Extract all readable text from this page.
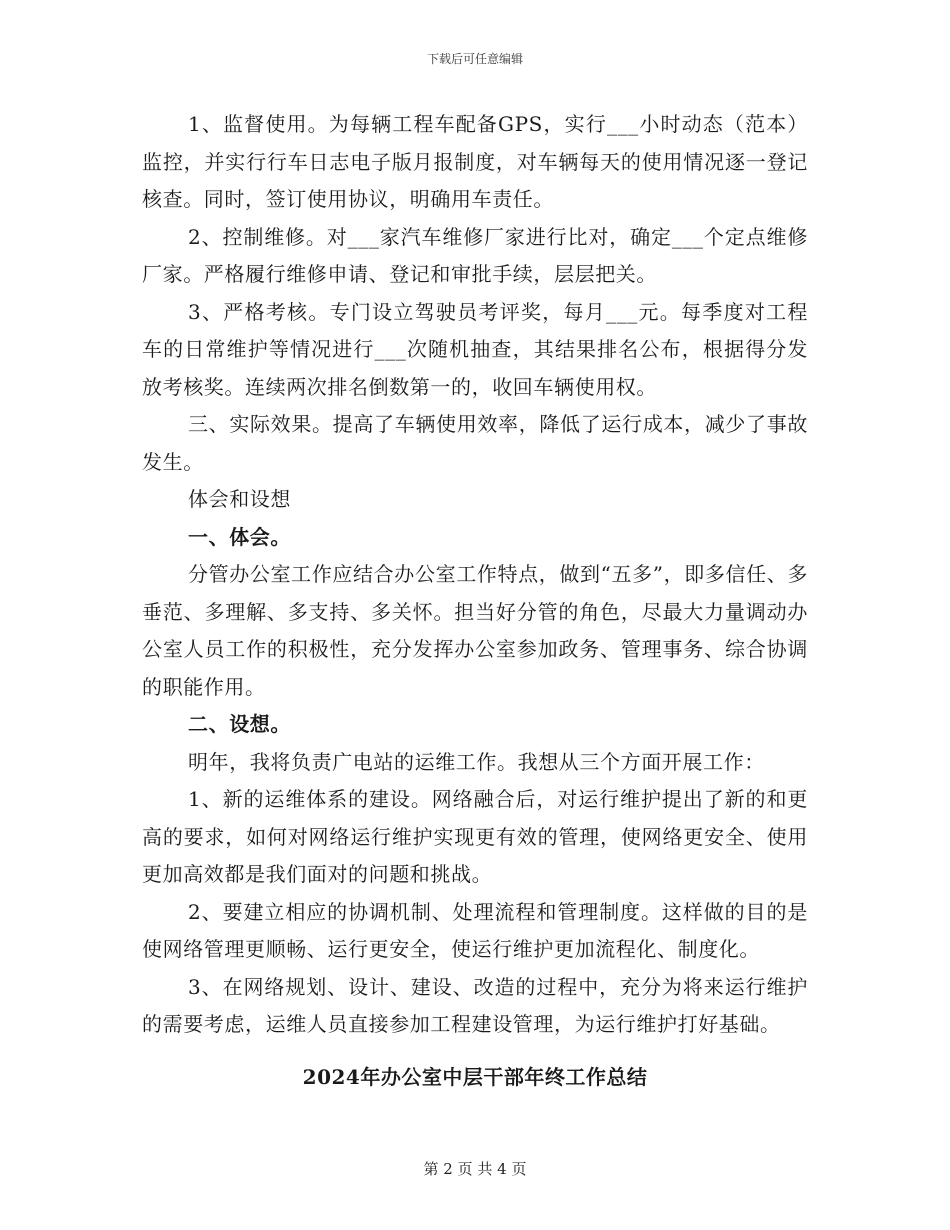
下载后可任意编辑

1、监督使用。为每辆工程车配备GPS，实行___小时动态（范本）监控，并实行行车日志电子版月报制度，对车辆每天的使用情况逐一登记核查。同时，签订使用协议，明确用车责任。

2、控制维修。对___家汽车维修厂家进行比对，确定___个定点维修厂家。严格履行维修申请、登记和审批手续，层层把关。

3、严格考核。专门设立驾驶员考评奖，每月___元。每季度对工程车的日常维护等情况进行___次随机抽查，其结果排名公布，根据得分发放考核奖。连续两次排名倒数第一的，收回车辆使用权。

三、实际效果。提高了车辆使用效率，降低了运行成本，减少了事故发生。

体会和设想

一、体会。

分管办公室工作应结合办公室工作特点，做到“五多”，即多信任、多垂范、多理解、多支持、多关怀。担当好分管的角色，尽最大力量调动办公室人员工作的积极性，充分发挥办公室参加政务、管理事务、综合协调的职能作用。

二、设想。

明年，我将负责广电站的运维工作。我想从三个方面开展工作：

1、新的运维体系的建设。网络融合后，对运行维护提出了新的和更高的要求，如何对网络运行维护实现更有效的管理，使网络更安全、使用更加高效都是我们面对的问题和挑战。

2、要建立相应的协调机制、处理流程和管理制度。这样做的目的是使网络管理更顺畅、运行更安全，使运行维护更加流程化、制度化。

3、在网络规划、设计、建设、改造的过程中，充分为将来运行维护的需要考虑，运维人员直接参加工程建设管理，为运行维护打好基础。

2024年办公室中层干部年终工作总结
第 2 页 共 4 页
